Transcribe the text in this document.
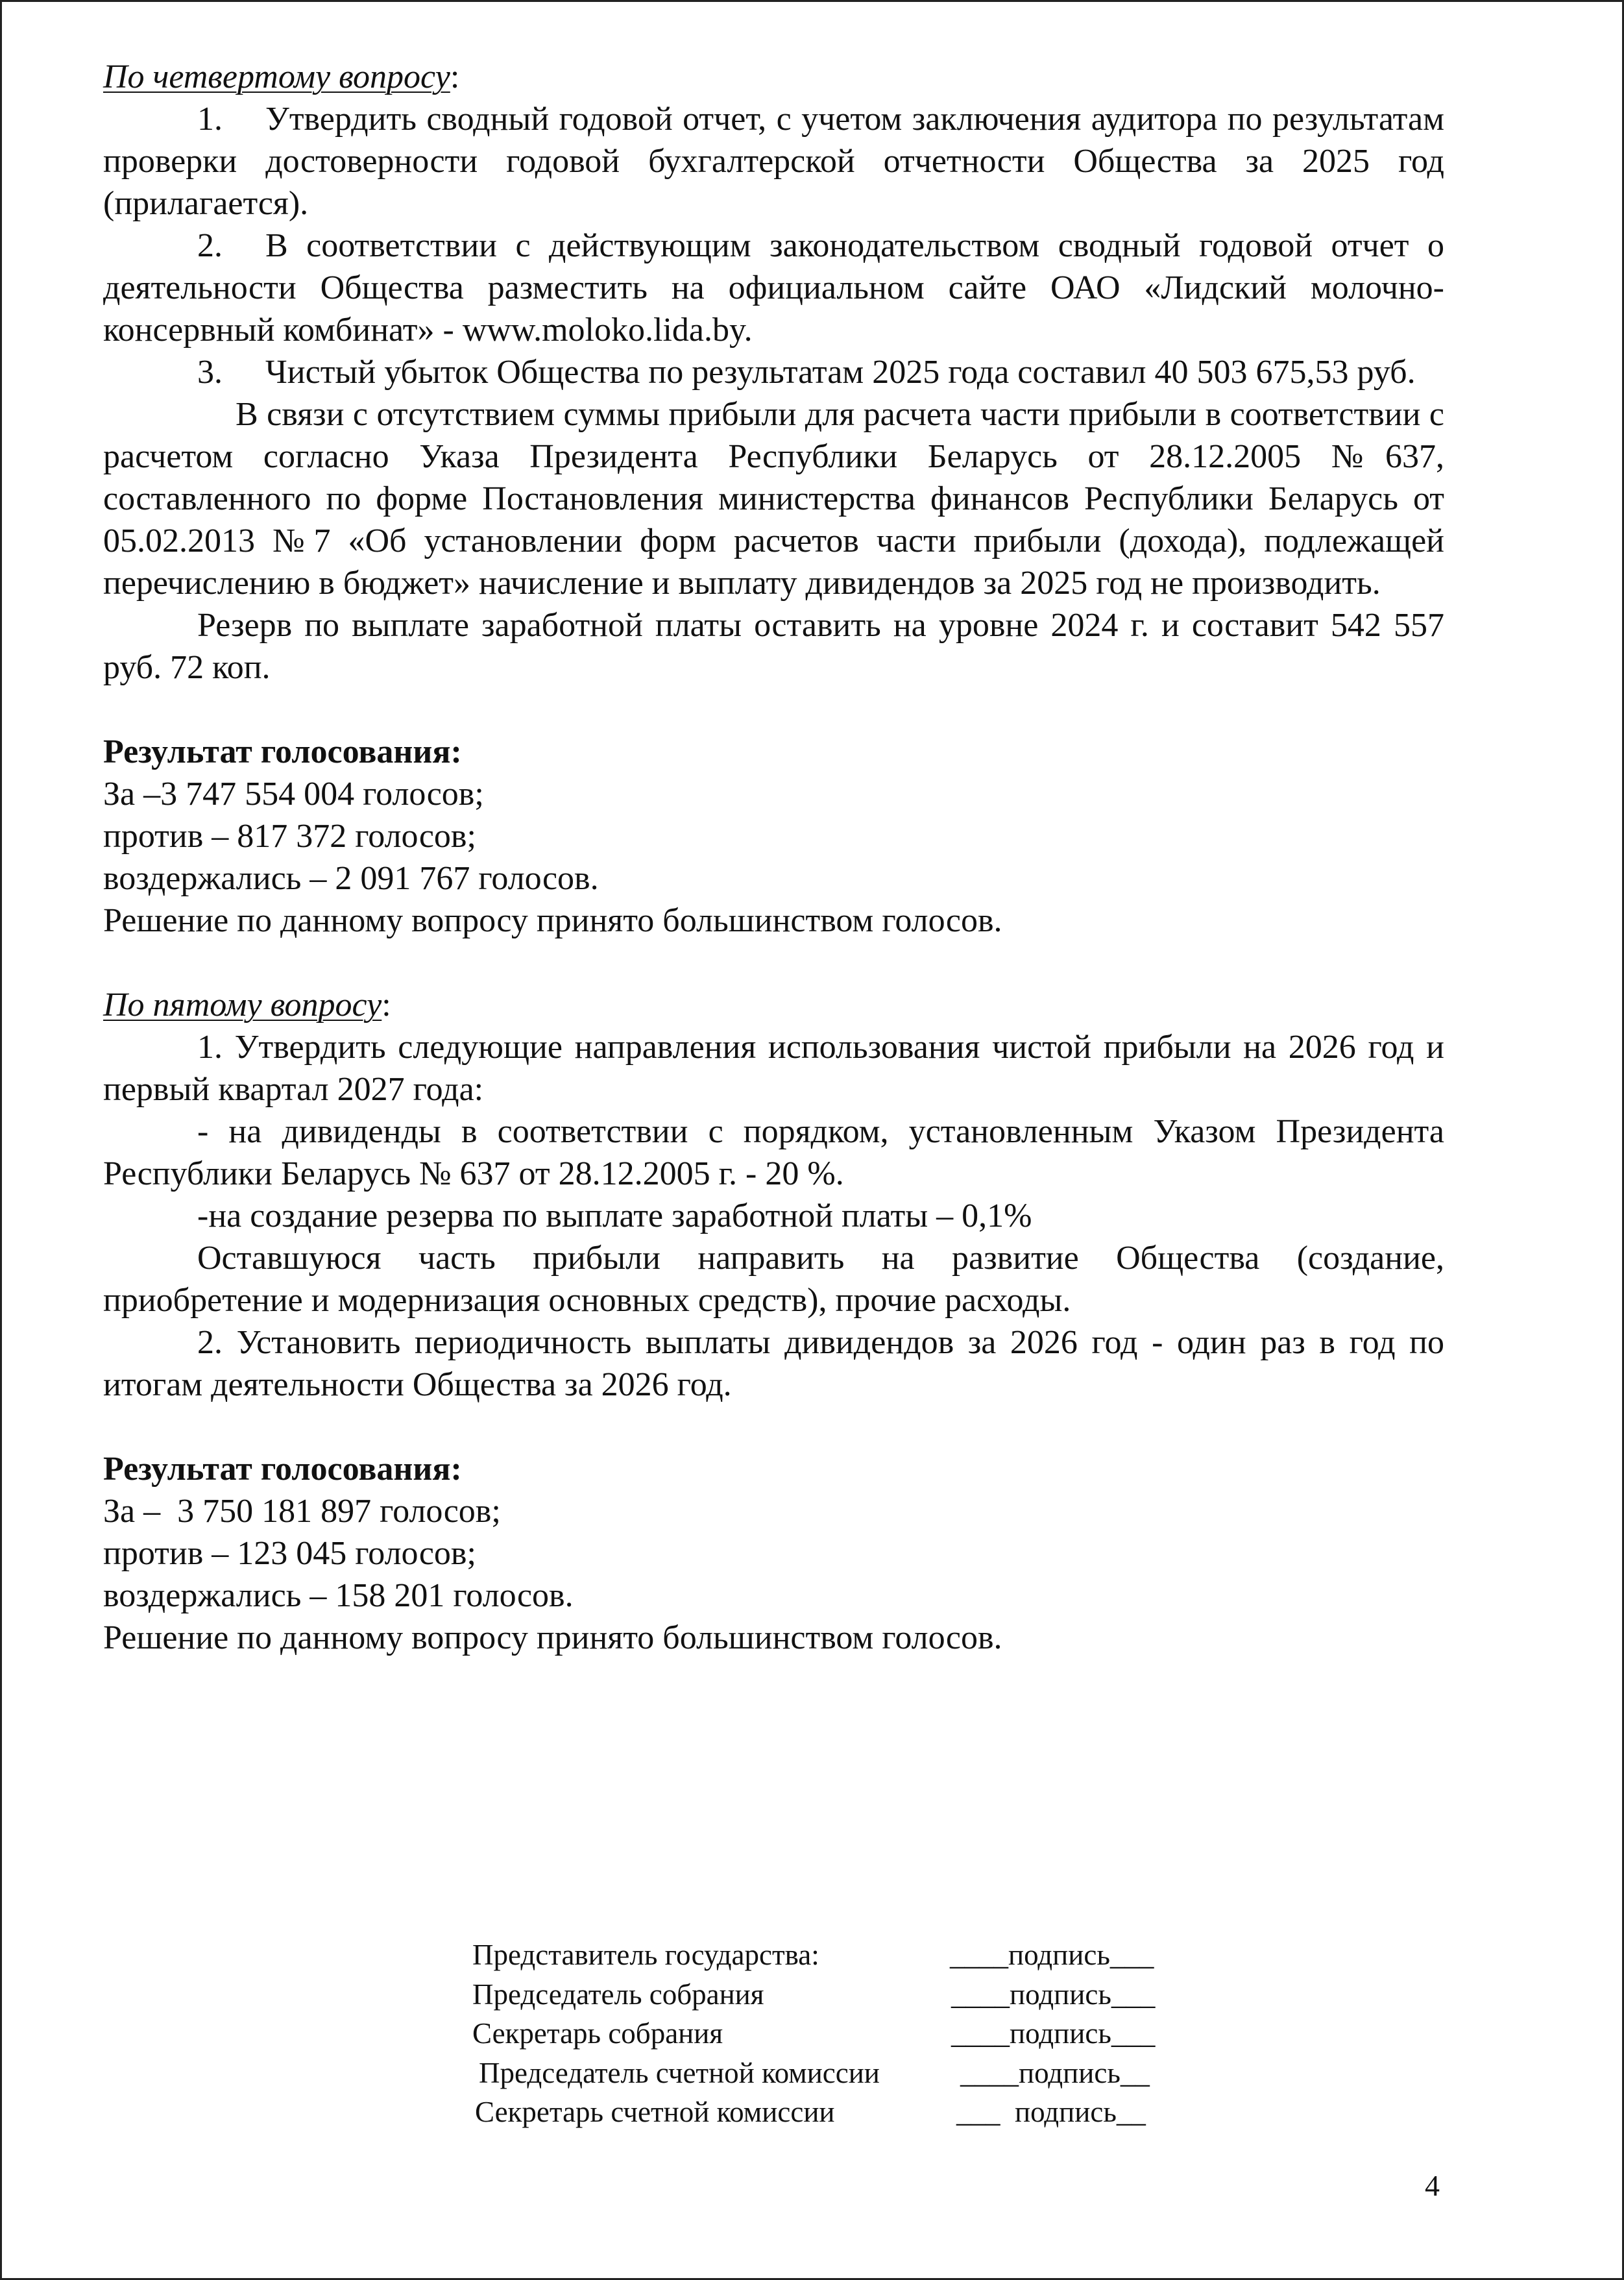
По четвертому вопросу:

1. Утвердить сводный годовой отчет, с учетом заключения аудитора по результатам проверки достоверности годовой бухгалтерской отчетности Общества за 2025 год (прилагается).

2. В соответствии с действующим законодательством сводный годовой отчет о деятельности Общества разместить на официальном сайте ОАО «Лидский молочно-консервный комбинат» - www.moloko.lida.by.

3. Чистый убыток Общества по результатам 2025 года составил 40 503 675,53 руб.

В связи с отсутствием суммы прибыли для расчета части прибыли в соответствии с расчетом согласно Указа Президента Республики Беларусь от 28.12.2005 №637, составленного по форме Постановления министерства финансов Республики Беларусь от 05.02.2013 №7 «Об установлении форм расчетов части прибыли (дохода), подлежащей перечислению в бюджет» начисление и выплату дивидендов за 2025 год не производить.

Резерв по выплате заработной платы оставить на уровне 2024 г. и составит 542 557 руб. 72 коп.

Результат голосования:

За –3 747 554 004 голосов;

против – 817 372 голосов;

воздержались – 2 091 767 голосов.

Решение по данному вопросу принято большинством голосов.

По пятому вопросу:

1. Утвердить следующие направления использования чистой прибыли на 2026 год и первый квартал 2027 года:

- на дивиденды в соответствии с порядком, установленным Указом Президента Республики Беларусь № 637 от 28.12.2005 г. - 20 %.

-на создание резерва по выплате заработной платы – 0,1%

Оставшуюся часть прибыли направить на развитие Общества (создание, приобретение и модернизация основных средств), прочие расходы.

2. Установить периодичность выплаты дивидендов за 2026 год - один раз в год по итогам деятельности Общества за 2026 год.

Результат голосования:

За –  3 750 181 897 голосов;

против – 123 045 голосов;

воздержались – 158 201 голосов.

Решение по данному вопросу принято большинством голосов.

Представитель государства:	____подпись___
Председатель собрания	____подпись___
Секретарь собрания	____подпись___
Председатель счетной комиссии	____подпись__
Секретарь счетной комиссии	___  подпись__
4
